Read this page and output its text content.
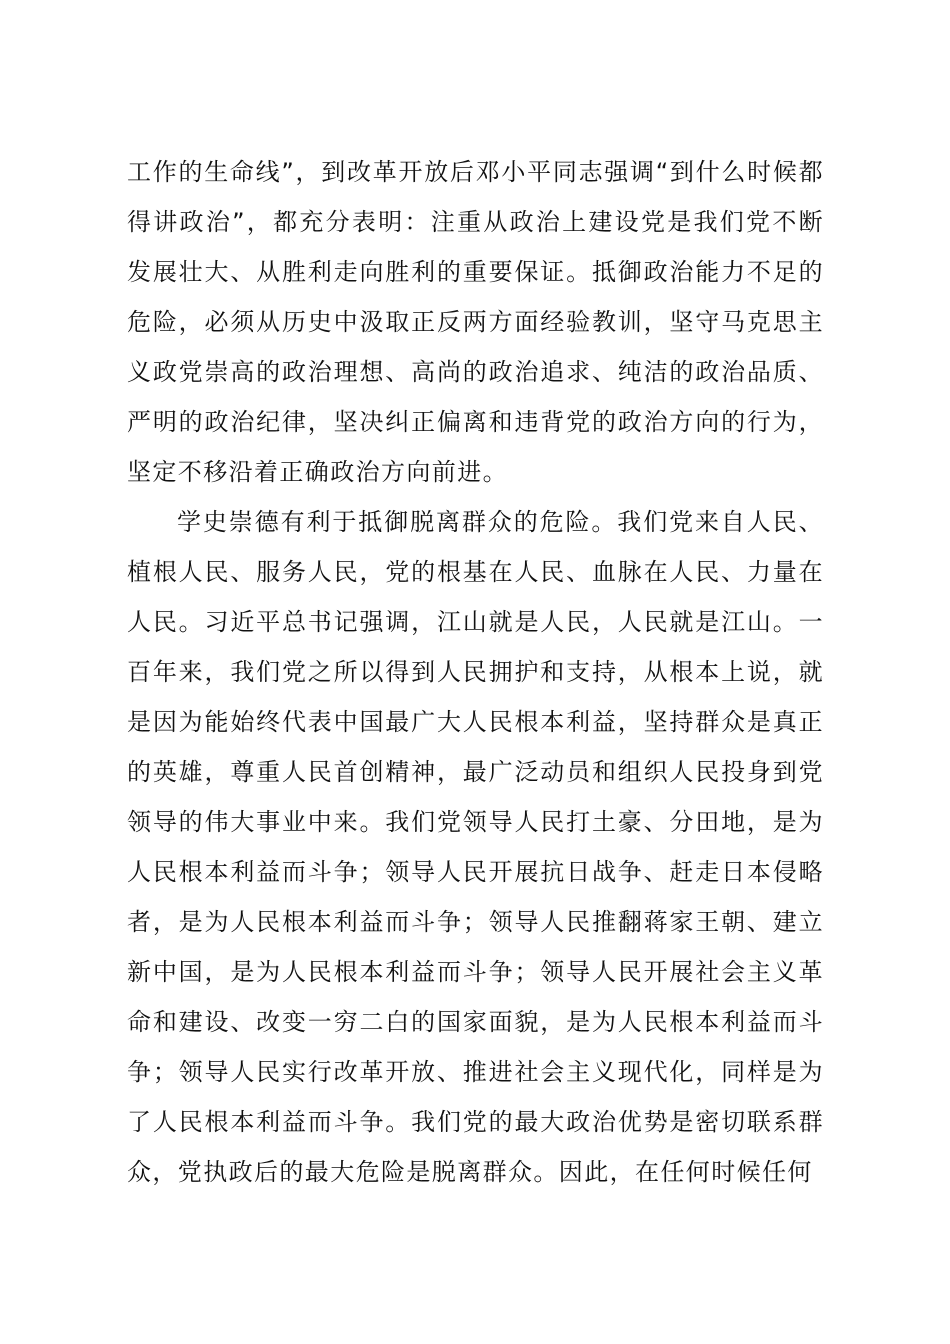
工作的生命线”，到改革开放后邓小平同志强调“到什么时候都得讲政治”，都充分表明：注重从政治上建设党是我们党不断发展壮大、从胜利走向胜利的重要保证。抵御政治能力不足的危险，必须从历史中汲取正反两方面经验教训，坚守马克思主义政党崇高的政治理想、高尚的政治追求、纯洁的政治品质、严明的政治纪律，坚决纠正偏离和违背党的政治方向的行为，坚定不移沿着正确政治方向前进。

学史崇德有利于抵御脱离群众的危险。我们党来自人民、植根人民、服务人民，党的根基在人民、血脉在人民、力量在人民。习近平总书记强调，江山就是人民，人民就是江山。一百年来，我们党之所以得到人民拥护和支持，从根本上说，就是因为能始终代表中国最广大人民根本利益，坚持群众是真正的英雄，尊重人民首创精神，最广泛动员和组织人民投身到党领导的伟大事业中来。我们党领导人民打土豪、分田地，是为人民根本利益而斗争；领导人民开展抗日战争、赶走日本侵略者，是为人民根本利益而斗争；领导人民推翻蒋家王朝、建立新中国，是为人民根本利益而斗争；领导人民开展社会主义革命和建设、改变一穷二白的国家面貌，是为人民根本利益而斗争；领导人民实行改革开放、推进社会主义现代化，同样是为了人民根本利益而斗争。我们党的最大政治优势是密切联系群众，党执政后的最大危险是脱离群众。因此，在任何时候任何
